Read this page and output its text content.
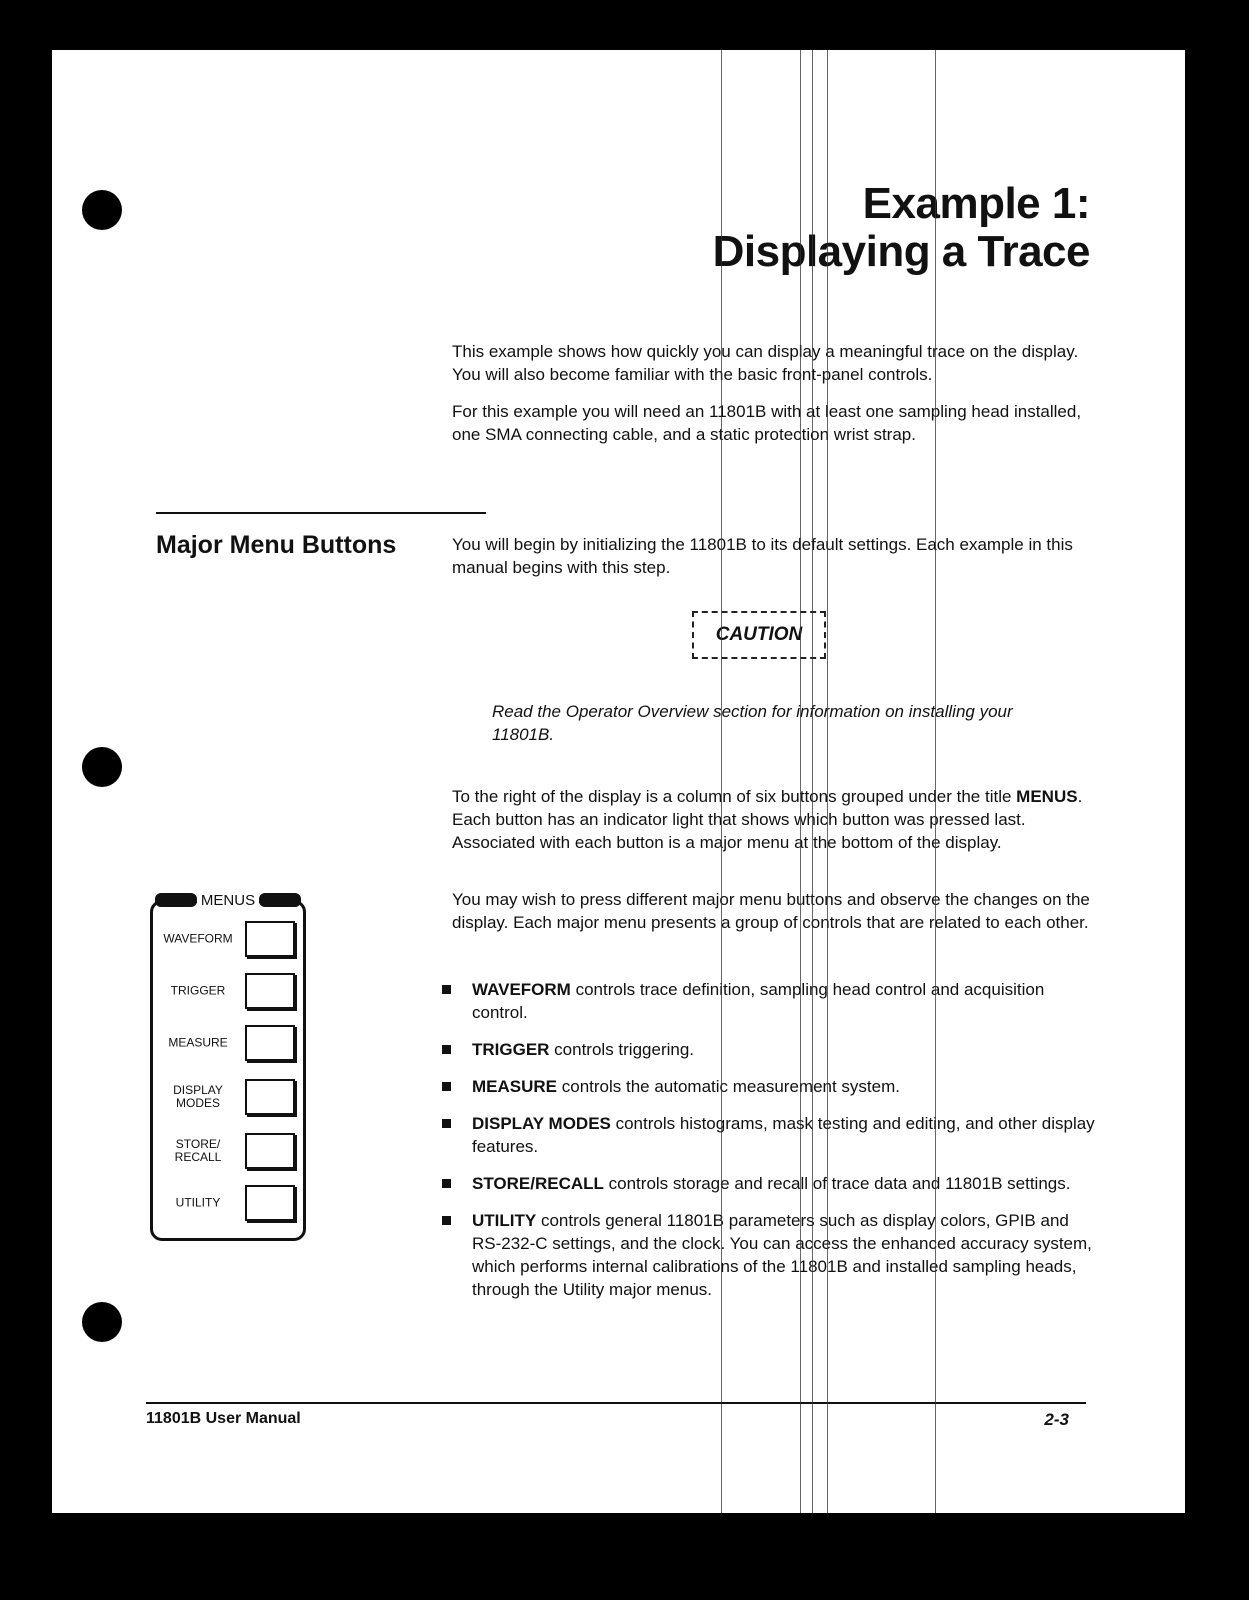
Example 1:
Displaying a Trace

This example shows how quickly you can display a meaningful trace on the display. You will also become familiar with the basic front-panel controls.

For this example you will need an 11801B with at least one sampling head installed, one SMA connecting cable, and a static protection wrist strap.

Major Menu Buttons	You will begin by initializing the 11801B to its default settings. Each example in this manual begins with this step.

CAUTION

Read the Operator Overview section for information on installing your 11801B.

To the right of the display is a column of six buttons grouped under the title MENUS. Each button has an indicator light that shows which button was pressed last. Associated with each button is a major menu at the bottom of the display.

You may wish to press different major menu buttons and observe the changes on the display. Each major menu presents a group of controls that are related to each other.

WAVEFORM controls trace definition, sampling head control and acquisition control.
TRIGGER controls triggering.
MEASURE controls the automatic measurement system.
DISPLAY MODES controls histograms, mask testing and editing, and other display features.
STORE/RECALL controls storage and recall of trace data and 11801B settings.
UTILITY controls general 11801B parameters such as display colors, GPIB and RS-232-C settings, and the clock. You can access the enhanced accuracy system, which performs internal calibrations of the 11801B and installed sampling heads, through the Utility major menus.
MENUS
WAVEFORM
TRIGGER
MEASURE
DISPLAY
MODES
STORE/
RECALL
UTILITY
11801B User Manual	2-3
